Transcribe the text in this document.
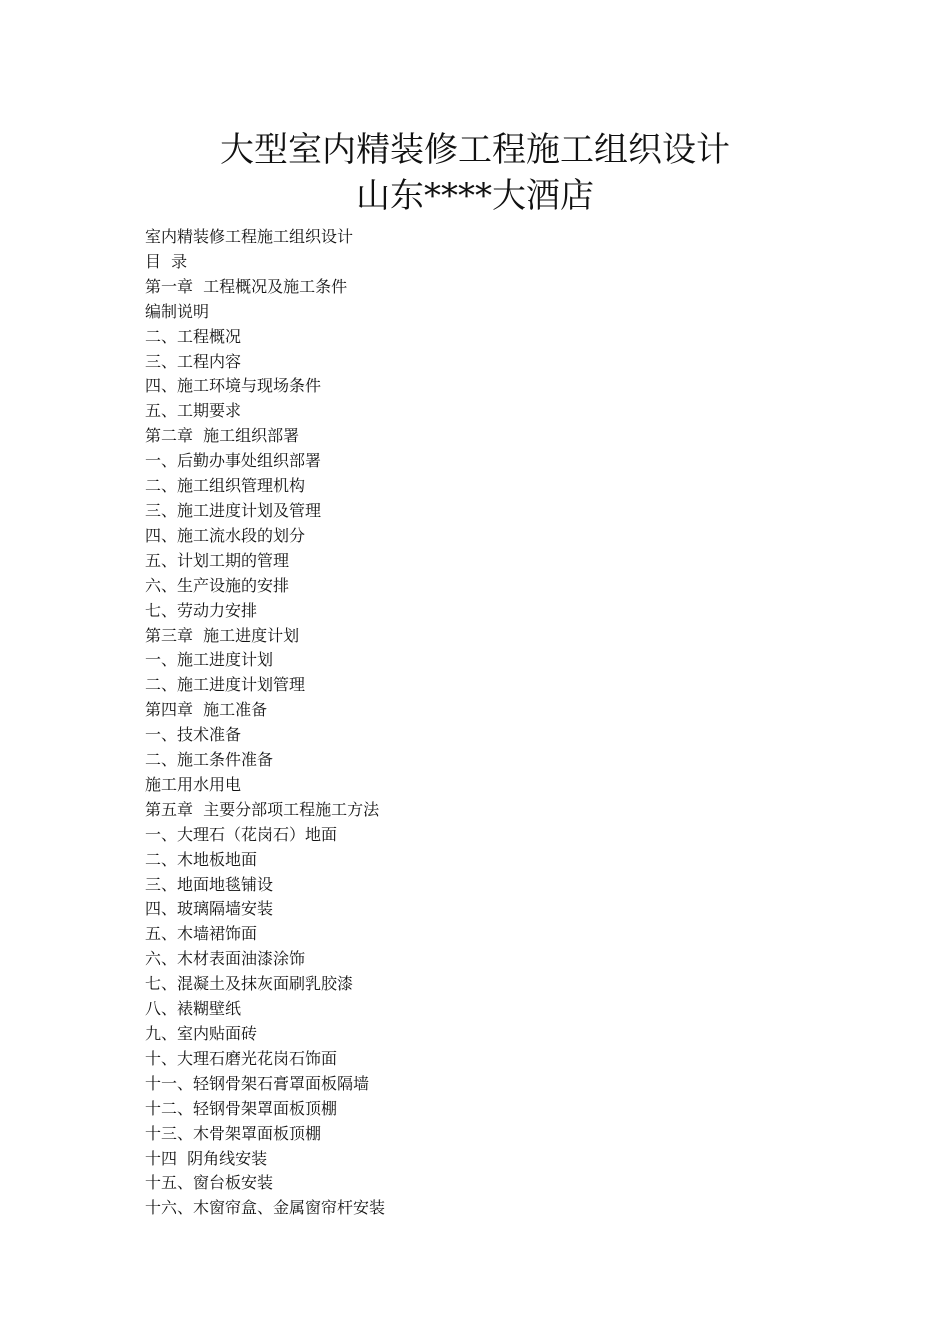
大型室内精装修工程施工组织设计
山东****大酒店
室内精装修工程施工组织设计
目  录
第一章  工程概况及施工条件
编制说明
二、工程概况
三、工程内容
四、施工环境与现场条件
五、工期要求
第二章  施工组织部署
一、后勤办事处组织部署
二、施工组织管理机构
三、施工进度计划及管理
四、施工流水段的划分
五、计划工期的管理
六、生产设施的安排
七、劳动力安排
第三章  施工进度计划
一、施工进度计划
二、施工进度计划管理
第四章  施工准备
一、技术准备
二、施工条件准备
施工用水用电
第五章  主要分部项工程施工方法
一、大理石（花岗石）地面
二、木地板地面
三、地面地毯铺设
四、玻璃隔墙安装
五、木墙裙饰面
六、木材表面油漆涂饰
七、混凝土及抹灰面刷乳胶漆
八、裱糊壁纸
九、室内贴面砖
十、大理石磨光花岗石饰面
十一、轻钢骨架石膏罩面板隔墙
十二、轻钢骨架罩面板顶棚
十三、木骨架罩面板顶棚
十四  阴角线安装
十五、窗台板安装
十六、木窗帘盒、金属窗帘杆安装
